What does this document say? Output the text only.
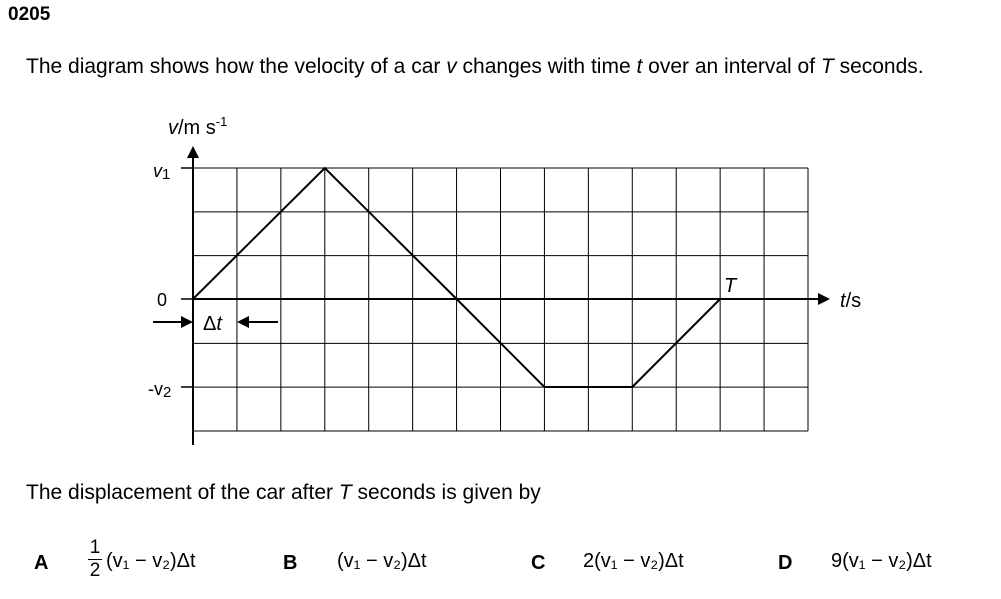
0205
The diagram shows how the velocity of a car v changes with time t over an interval of T seconds.
v/m $s^{-1}$
t/s
v1
0
-v2
T
Δt
The displacement of the car after T seconds is given by
A
1
2 (v₁ − v₂)Δt	B (v₁ − v₂)Δt	C 2(v₁ − v₂)Δt	D 9(v₁ − v₂)Δt
